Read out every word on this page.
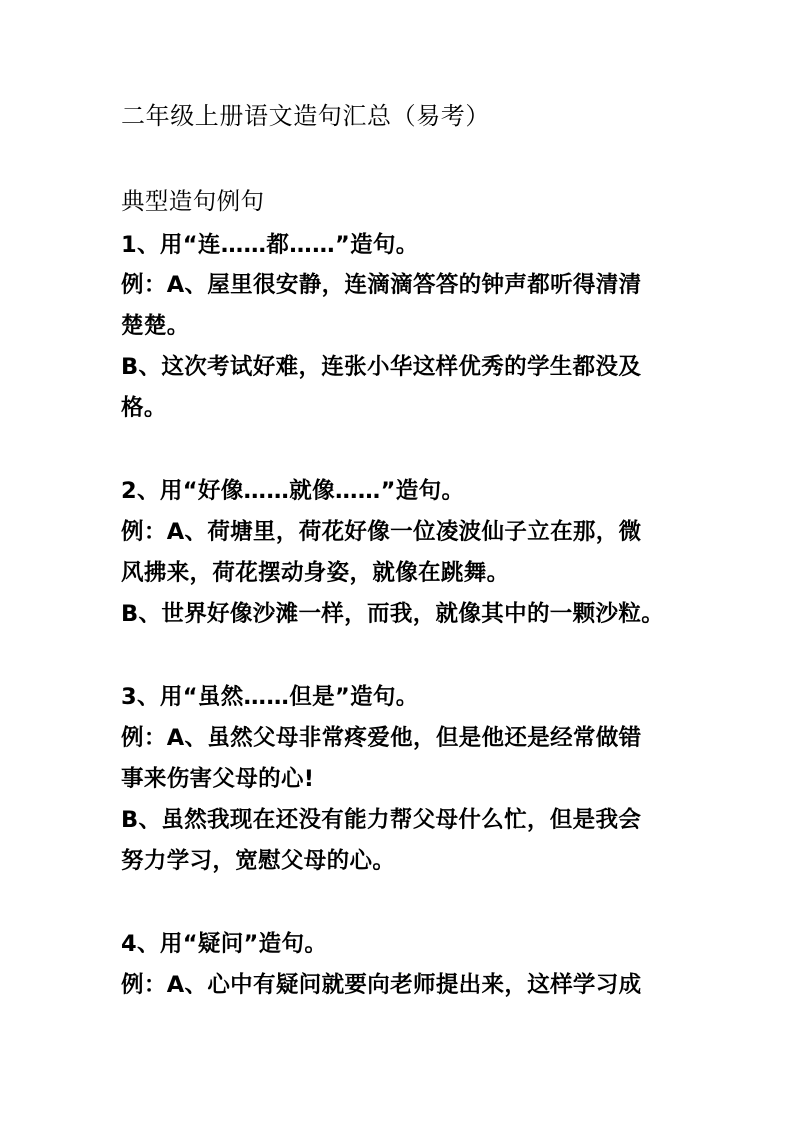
二年级上册语文造句汇总（易考）
典型造句例句
1、用“连……都……”造句。
例：A、屋里很安静，连滴滴答答的钟声都听得清清
楚楚。
B、这次考试好难，连张小华这样优秀的学生都没及
格。
2、用“好像……就像……”造句。
例：A、荷塘里，荷花好像一位凌波仙子立在那，微
风拂来，荷花摆动身姿，就像在跳舞。
B、世界好像沙滩一样，而我，就像其中的一颗沙粒。
3、用“虽然……但是”造句。
例：A、虽然父母非常疼爱他，但是他还是经常做错
事来伤害父母的心!
B、虽然我现在还没有能力帮父母什么忙，但是我会
努力学习，宽慰父母的心。
4、用“疑问”造句。
例：A、心中有疑问就要向老师提出来，这样学习成
